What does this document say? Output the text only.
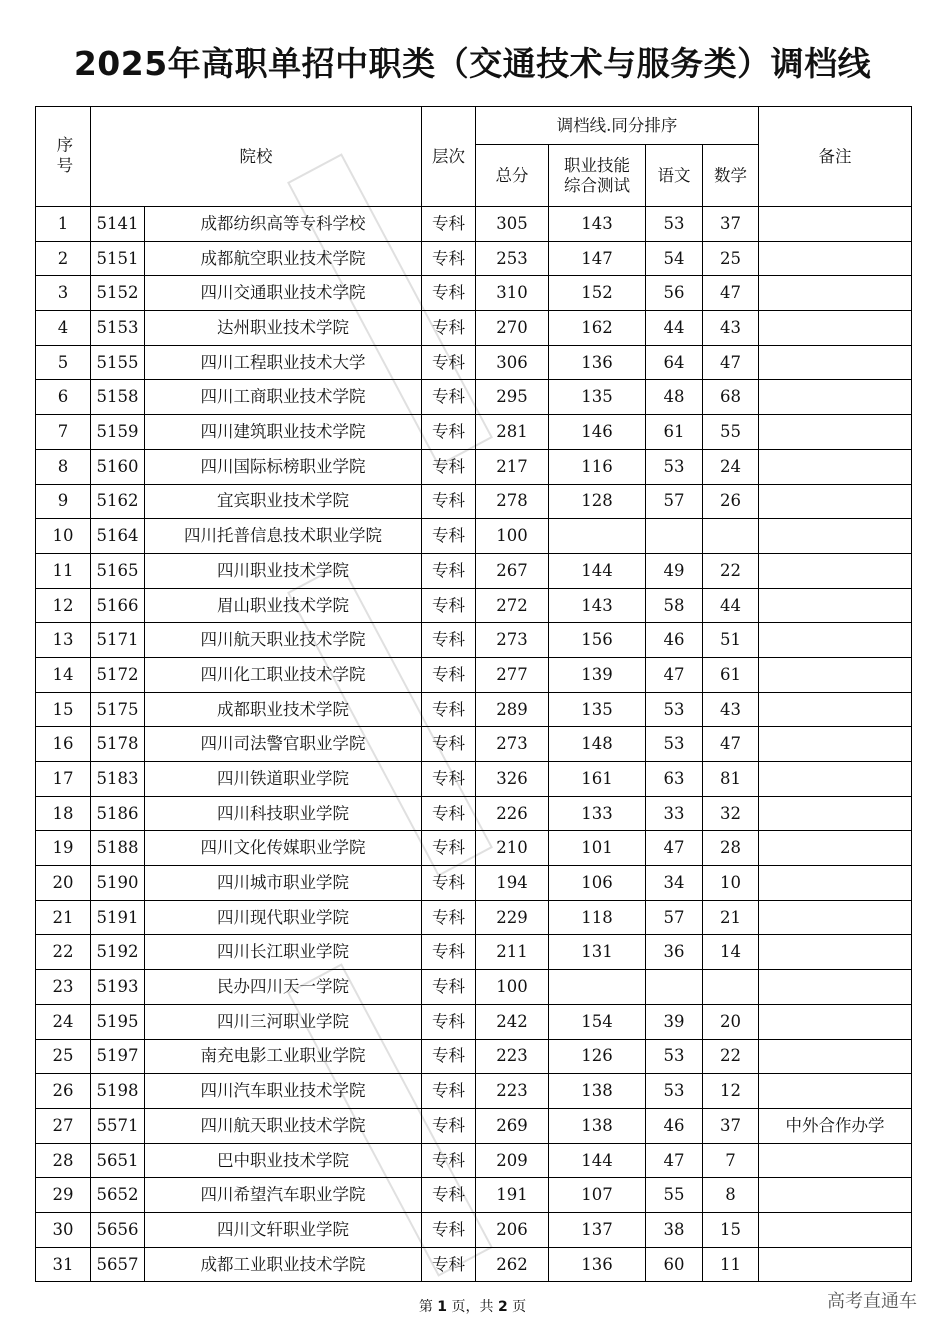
2025年高职单招中职类（交通技术与服务类）调档线
序号	院校		层次	调档线.同分排序				备注
				总分	职业技能综合测试	语文	数学	
1	5141	成都纺织高等专科学校	专科	305	143	53	37	
2	5151	成都航空职业技术学院	专科	253	147	54	25	
3	5152	四川交通职业技术学院	专科	310	152	56	47	
4	5153	达州职业技术学院	专科	270	162	44	43	
5	5155	四川工程职业技术大学	专科	306	136	64	47	
6	5158	四川工商职业技术学院	专科	295	135	48	68	
7	5159	四川建筑职业技术学院	专科	281	146	61	55	
8	5160	四川国际标榜职业学院	专科	217	116	53	24	
9	5162	宜宾职业技术学院	专科	278	128	57	26	
10	5164	四川托普信息技术职业学院	专科	100				
11	5165	四川职业技术学院	专科	267	144	49	22	
12	5166	眉山职业技术学院	专科	272	143	58	44	
13	5171	四川航天职业技术学院	专科	273	156	46	51	
14	5172	四川化工职业技术学院	专科	277	139	47	61	
15	5175	成都职业技术学院	专科	289	135	53	43	
16	5178	四川司法警官职业学院	专科	273	148	53	47	
17	5183	四川铁道职业学院	专科	326	161	63	81	
18	5186	四川科技职业学院	专科	226	133	33	32	
19	5188	四川文化传媒职业学院	专科	210	101	47	28	
20	5190	四川城市职业学院	专科	194	106	34	10	
21	5191	四川现代职业学院	专科	229	118	57	21	
22	5192	四川长江职业学院	专科	211	131	36	14	
23	5193	民办四川天一学院	专科	100				
24	5195	四川三河职业学院	专科	242	154	39	20	
25	5197	南充电影工业职业学院	专科	223	126	53	22	
26	5198	四川汽车职业技术学院	专科	223	138	53	12	
27	5571	四川航天职业技术学院	专科	269	138	46	37	中外合作办学
28	5651	巴中职业技术学院	专科	209	144	47	7	
29	5652	四川希望汽车职业学院	专科	191	107	55	8	
30	5656	四川文轩职业学院	专科	206	137	38	15	
31	5657	成都工业职业技术学院	专科	262	136	60	11	
第 1 页，共 2 页	高考直通车
